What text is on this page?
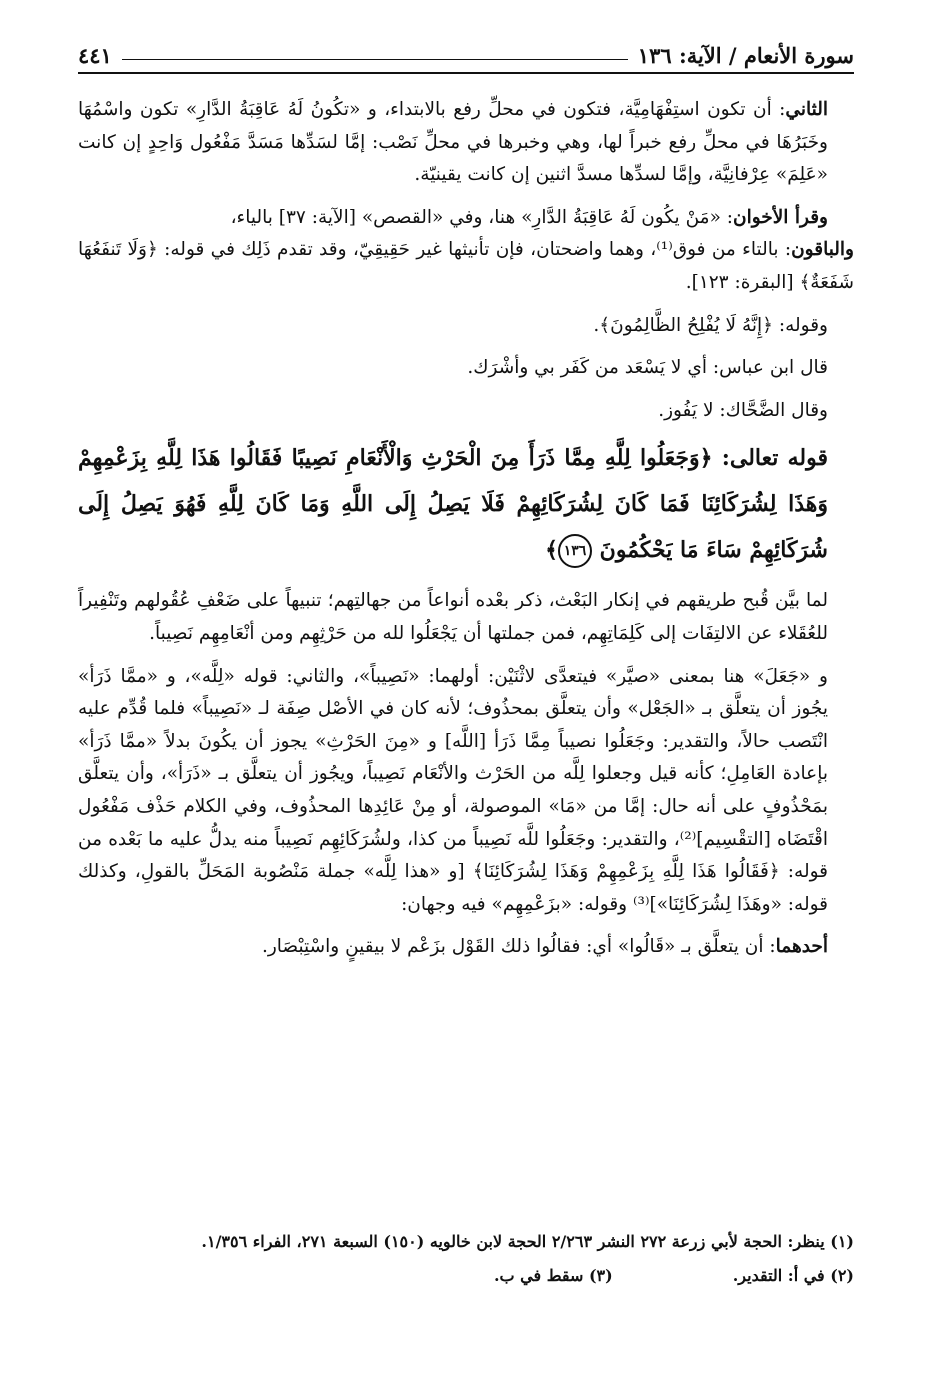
سورة الأنعام / الآية: ١٣٦
٤٤١

الثاني: أن تكون استِفْهَامِيَّة، فتكون في محلِّ رفع بالابتداء، و «تكُونُ لَهُ عَاقِبَةُ الدَّارِ» تكون واسْمُهَا وخَبَرُهَا في محلِّ رفع خبراً لها، وهي وخبرها في محلِّ نَصْب: إمَّا لسَدِّها مَسَدَّ مَفْعُول وَاحِدٍ إن كانت «عَلِمَ» عِرْفانِيَّة، وإمَّا لسدِّها مسدَّ اثنين إن كانت يقينيّة.

وقرأ الأخوان: «مَنْ يكُون لَهُ عَاقِبَةُ الدَّارِ» هنا، وفي «القصص» [الآية: ٣٧] بالياء،

والباقون: بالتاء من فوق⁽¹⁾، وهما واضحتان، فإن تأنيثها غير حَقِيقِيّ، وقد تقدم ذَلِك في قوله: ﴿وَلَا تَنفَعُهَا شَفَعَةٌ﴾ [البقرة: ١٢٣].

وقوله: ﴿إِنَّهُ لَا يُفْلِحُ الظَّالِمُونَ﴾.

قال ابن عباس: أي لا يَسْعَد من كَفَر بي وأشْرَك.

وقال الضَّحَّاك: لا يَفُوز.

قوله تعالى: ﴿وَجَعَلُوا لِلَّهِ مِمَّا ذَرَأَ مِنَ الْحَرْثِ وَالْأَنْعَامِ نَصِيبًا فَقَالُوا هَذَا لِلَّهِ بِزَعْمِهِمْ وَهَذَا لِشُرَكَائِنَا فَمَا كَانَ لِشُرَكَائِهِمْ فَلَا يَصِلُ إِلَى اللَّهِ وَمَا كَانَ لِلَّهِ فَهُوَ يَصِلُ إِلَى شُرَكَائِهِمْ سَاءَ مَا يَحْكُمُونَ ١٣٦﴾

لما بيَّن قُبح طريقهم في إنكار البَعْث، ذكر بعْده أنواعاً من جهالتِهم؛ تنبيهاً على ضَعْفِ عُقُولهم وتَنْفِيراً للعُقَلاء عن الالتِفَات إلى كَلِمَاتِهِم، فمن جملتها أن يَجْعَلُوا لله من حَرْثِهِم ومن أنْعَامِهِم نَصِيباً.

و «جَعَلَ» هنا بمعنى «صيَّر» فيتعدَّى لاثْنَيْن: أولهما: «نَصِيباً»، والثاني: قوله «لِلَّه»، و «ممَّا ذَرَأ» يجُوز أن يتعلَّق بـ «الجَعْل» وأن يتعلَّق بمحذُوف؛ لأنه كان في الأصْل صِفَة لـ «نَصِيباً» فلما قُدِّم عليه انْتَصب حالاً، والتقدير: وجَعَلُوا نصيباً مِمَّا ذَرَأ [اللَّه] و «مِنَ الحَرْثِ» يجوز أن يكُونَ بدلاً «ممَّا ذَرَأ» بإعادة العَامِلِ؛ كأنه قيل وجعلوا لِلَّه من الحَرْث والأنْعَام نَصِيباً، ويجُوز أن يتعلَّق بـ «ذَرَأ»، وأن يتعلَّق بمَحْذُوفٍ على أنه حال: إمَّا من «مَا» الموصولة، أو مِنْ عَائِدِها المحذُوف، وفي الكلام حَذْف مَفْعُول اقْتَضَاه [التقْسِيم]⁽²⁾، والتقدير: وجَعَلُوا للَّه نَصِيباً من كذا، ولشُرَكَائِهِم نَصِيباً منه يدلُّ عليه ما بَعْده من قوله: ﴿فَقَالُوا هَذَا لِلَّهِ بِزَعْمِهِمْ وَهَذَا لِشُرَكَائِنَا﴾ [و «هذا لِلَّه» جملة مَنْصُوبة المَحَلِّ بالقولِ، وكذلك قوله: «وهَذَا لِشُرَكَائِنَا»]⁽³⁾ وقوله: «بزَعْمِهِم» فيه وجهان:

أحدهما: أن يتعلَّق بـ «قَالُوا» أي: فقالُوا ذلك القَوْل بزَعْم لا بيقينٍ واسْتِبْصَار.

(١) ينظر: الحجة لأبي زرعة ٢٧٢ النشر ٢/٢٦٣ الحجة لابن خالويه (١٥٠) السبعة ٢٧١، الفراء ١/٣٥٦.
(٢) في أ: التقدير.
(٣) سقط في ب.
